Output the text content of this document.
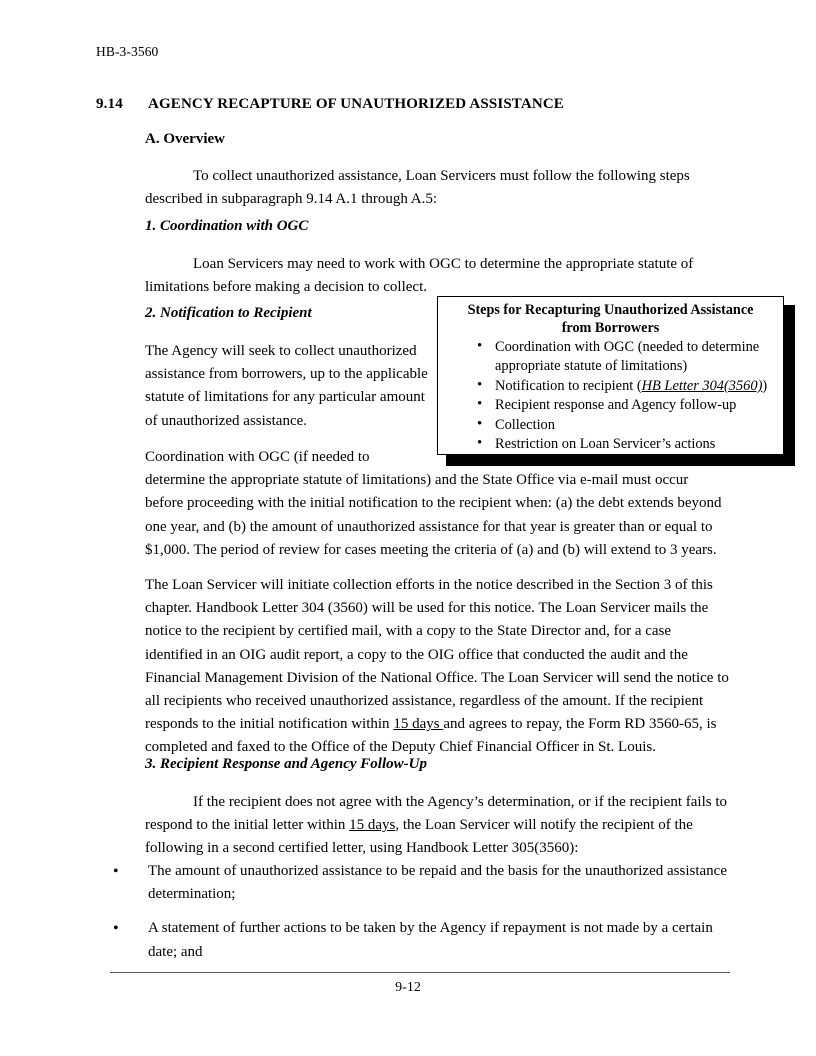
HB-3-3560
9.14	AGENCY RECAPTURE OF UNAUTHORIZED ASSISTANCE
A. Overview
To collect unauthorized assistance, Loan Servicers must follow the following steps described in subparagraph 9.14 A.1 through A.5:
1. Coordination with OGC
Loan Servicers may need to work with OGC to determine the appropriate statute of limitations before making a decision to collect.
2. Notification to Recipient
The Agency will seek to collect unauthorized assistance from borrowers, up to the applicable statute of limitations for any particular amount of unauthorized assistance.
Steps for Recapturing Unauthorized Assistance
from Borrowers
• Coordination with OGC (needed to determine appropriate statute of limitations)
• Notification to recipient (HB Letter 304(3560))
• Recipient response and Agency follow-up
• Collection
• Restriction on Loan Servicer’s actions
Coordination with OGC (if needed to determine the appropriate statute of limitations) and the State Office via e-mail must occur before proceeding with the initial notification to the recipient when: (a) the debt extends beyond one year, and (b) the amount of unauthorized assistance for that year is greater than or equal to $1,000. The period of review for cases meeting the criteria of (a) and (b) will extend to 3 years.
The Loan Servicer will initiate collection efforts in the notice described in the Section 3 of this chapter. Handbook Letter 304 (3560) will be used for this notice. The Loan Servicer mails the notice to the recipient by certified mail, with a copy to the State Director and, for a case identified in an OIG audit report, a copy to the OIG office that conducted the audit and the Financial Management Division of the National Office. The Loan Servicer will send the notice to all recipients who received unauthorized assistance, regardless of the amount. If the recipient responds to the initial notification within 15 days and agrees to repay, the Form RD 3560-65, is completed and faxed to the Office of the Deputy Chief Financial Officer in St. Louis.
3. Recipient Response and Agency Follow-Up
If the recipient does not agree with the Agency’s determination, or if the recipient fails to respond to the initial letter within 15 days, the Loan Servicer will notify the recipient of the following in a second certified letter, using Handbook Letter 305(3560):
• The amount of unauthorized assistance to be repaid and the basis for the unauthorized assistance determination;
• A statement of further actions to be taken by the Agency if repayment is not made by a certain date; and
9-12
